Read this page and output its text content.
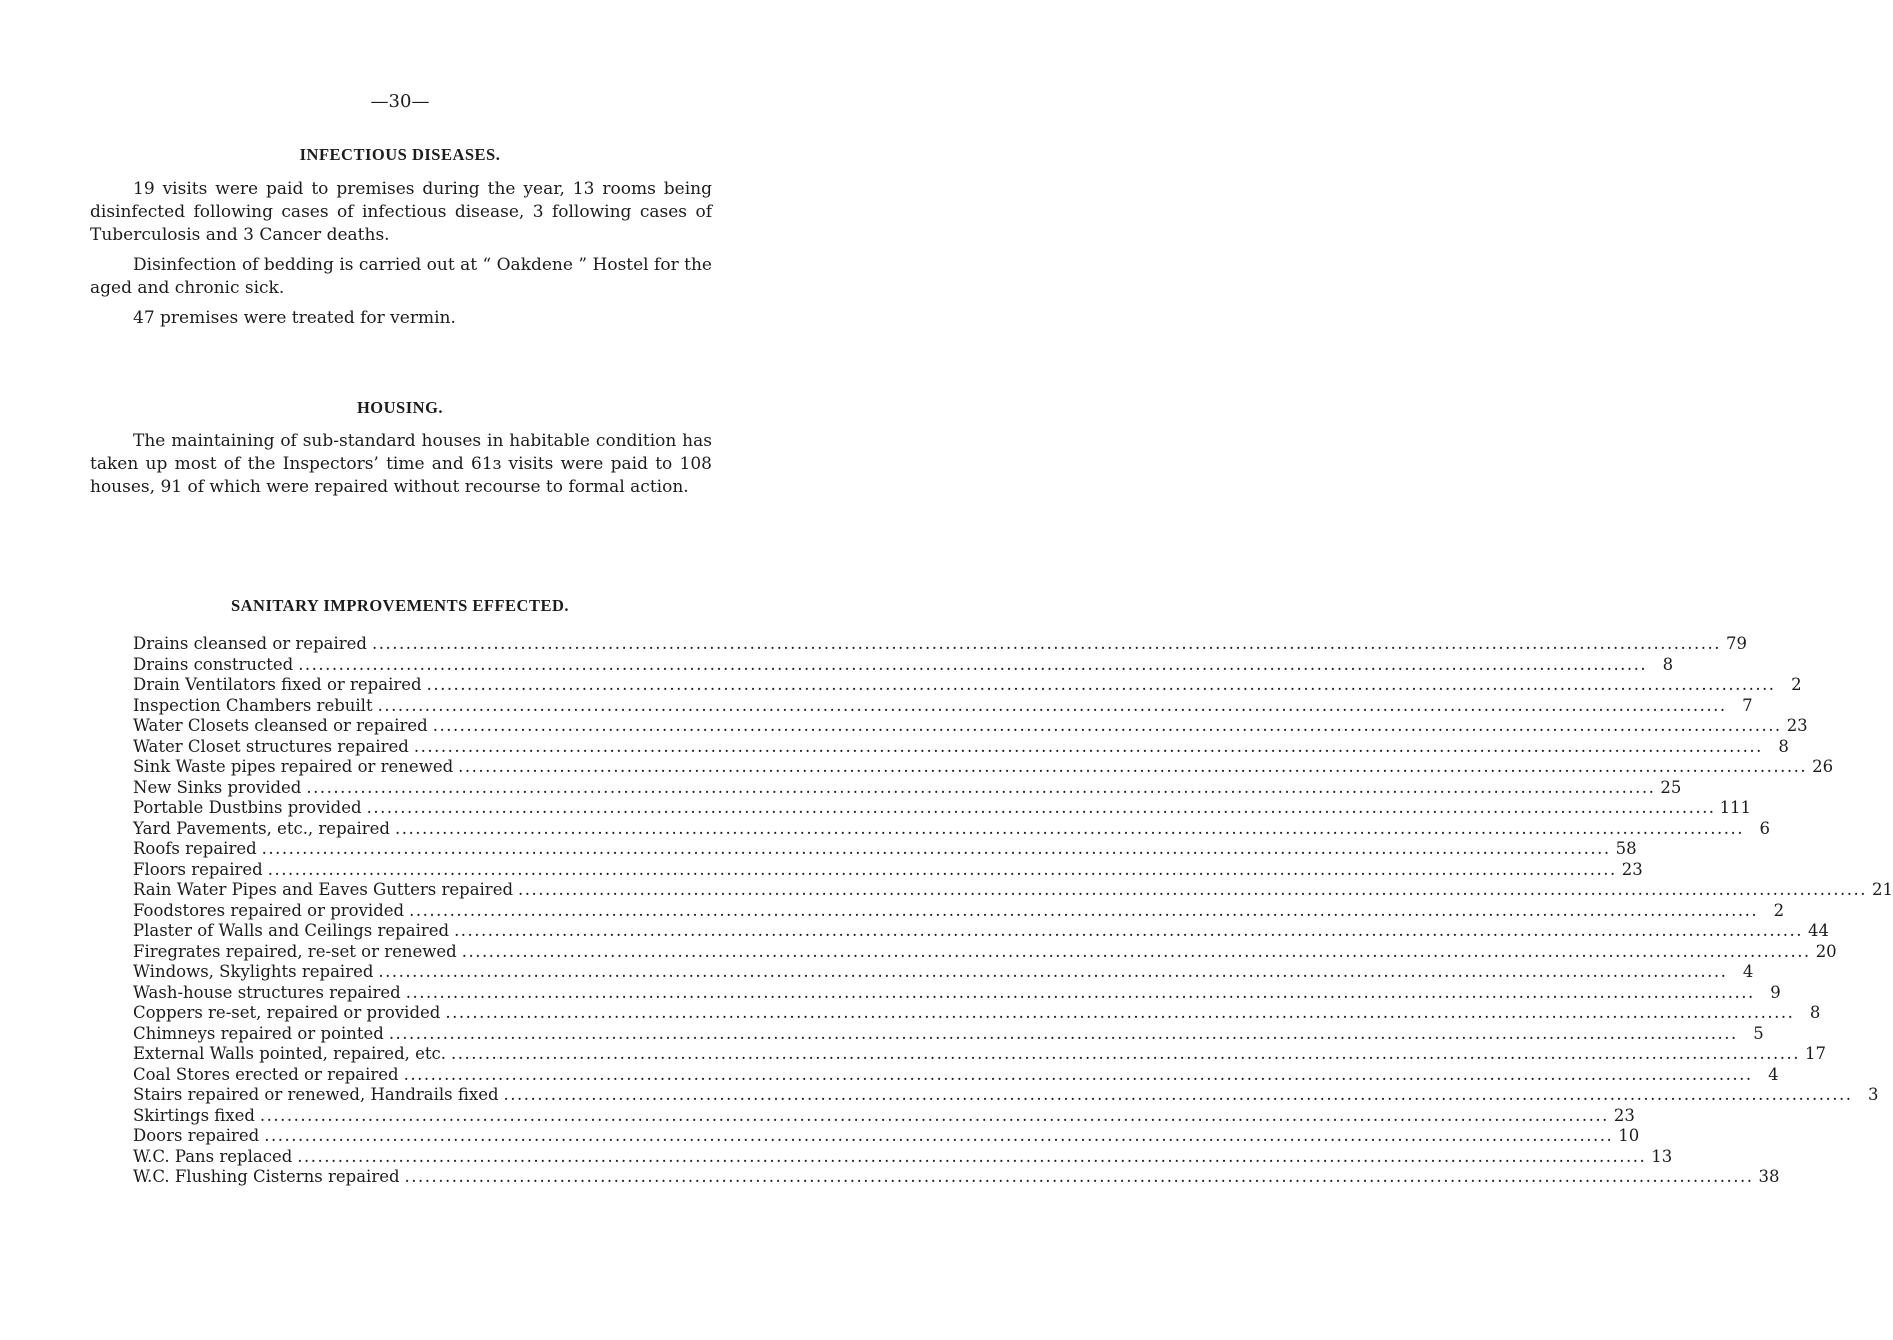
—30—
INFECTIOUS DISEASES.

19 visits were paid to premises during the year, 13 rooms being disinfected following cases of infectious disease, 3 following cases of Tuberculosis and 3 Cancer deaths.

Disinfection of bedding is carried out at “ Oakdene ” Hostel for the aged and chronic sick.

47 premises were treated for vermin.

HOUSING.

The maintaining of sub-standard houses in habitable condition has taken up most of the Inspectors’ time and 61ɜ visits were paid to 108 houses, 91 of which were repaired without recourse to formal action.

SANITARY IMPROVEMENTS EFFECTED.
Drains cleansed or repaired ........................................................................................................................................................................................................ 79
Drains constructed ........................................................................................................................................................................................................ 8
Drain Ventilators fixed or repaired ........................................................................................................................................................................................................ 2
Inspection Chambers rebuilt ........................................................................................................................................................................................................ 7
Water Closets cleansed or repaired ........................................................................................................................................................................................................ 23
Water Closet structures repaired ........................................................................................................................................................................................................ 8
Sink Waste pipes repaired or renewed ........................................................................................................................................................................................................ 26
New Sinks provided ........................................................................................................................................................................................................ 25
Portable Dustbins provided ........................................................................................................................................................................................................ 111
Yard Pavements, etc., repaired ........................................................................................................................................................................................................ 6
Roofs repaired ........................................................................................................................................................................................................ 58
Floors repaired ........................................................................................................................................................................................................ 23
Rain Water Pipes and Eaves Gutters repaired ........................................................................................................................................................................................................ 21
Foodstores repaired or provided ........................................................................................................................................................................................................ 2
Plaster of Walls and Ceilings repaired ........................................................................................................................................................................................................ 44
Firegrates repaired, re-set or renewed ........................................................................................................................................................................................................ 20
Windows, Skylights repaired ........................................................................................................................................................................................................ 4
Wash-house structures repaired ........................................................................................................................................................................................................ 9
Coppers re-set, repaired or provided ........................................................................................................................................................................................................ 8
Chimneys repaired or pointed ........................................................................................................................................................................................................ 5
External Walls pointed, repaired, etc. ........................................................................................................................................................................................................ 17
Coal Stores erected or repaired ........................................................................................................................................................................................................ 4
Stairs repaired or renewed, Handrails fixed ........................................................................................................................................................................................................ 3
Skirtings fixed ........................................................................................................................................................................................................ 23
Doors repaired ........................................................................................................................................................................................................ 10
W.C. Pans replaced ........................................................................................................................................................................................................ 13
W.C. Flushing Cisterns repaired ........................................................................................................................................................................................................ 38
